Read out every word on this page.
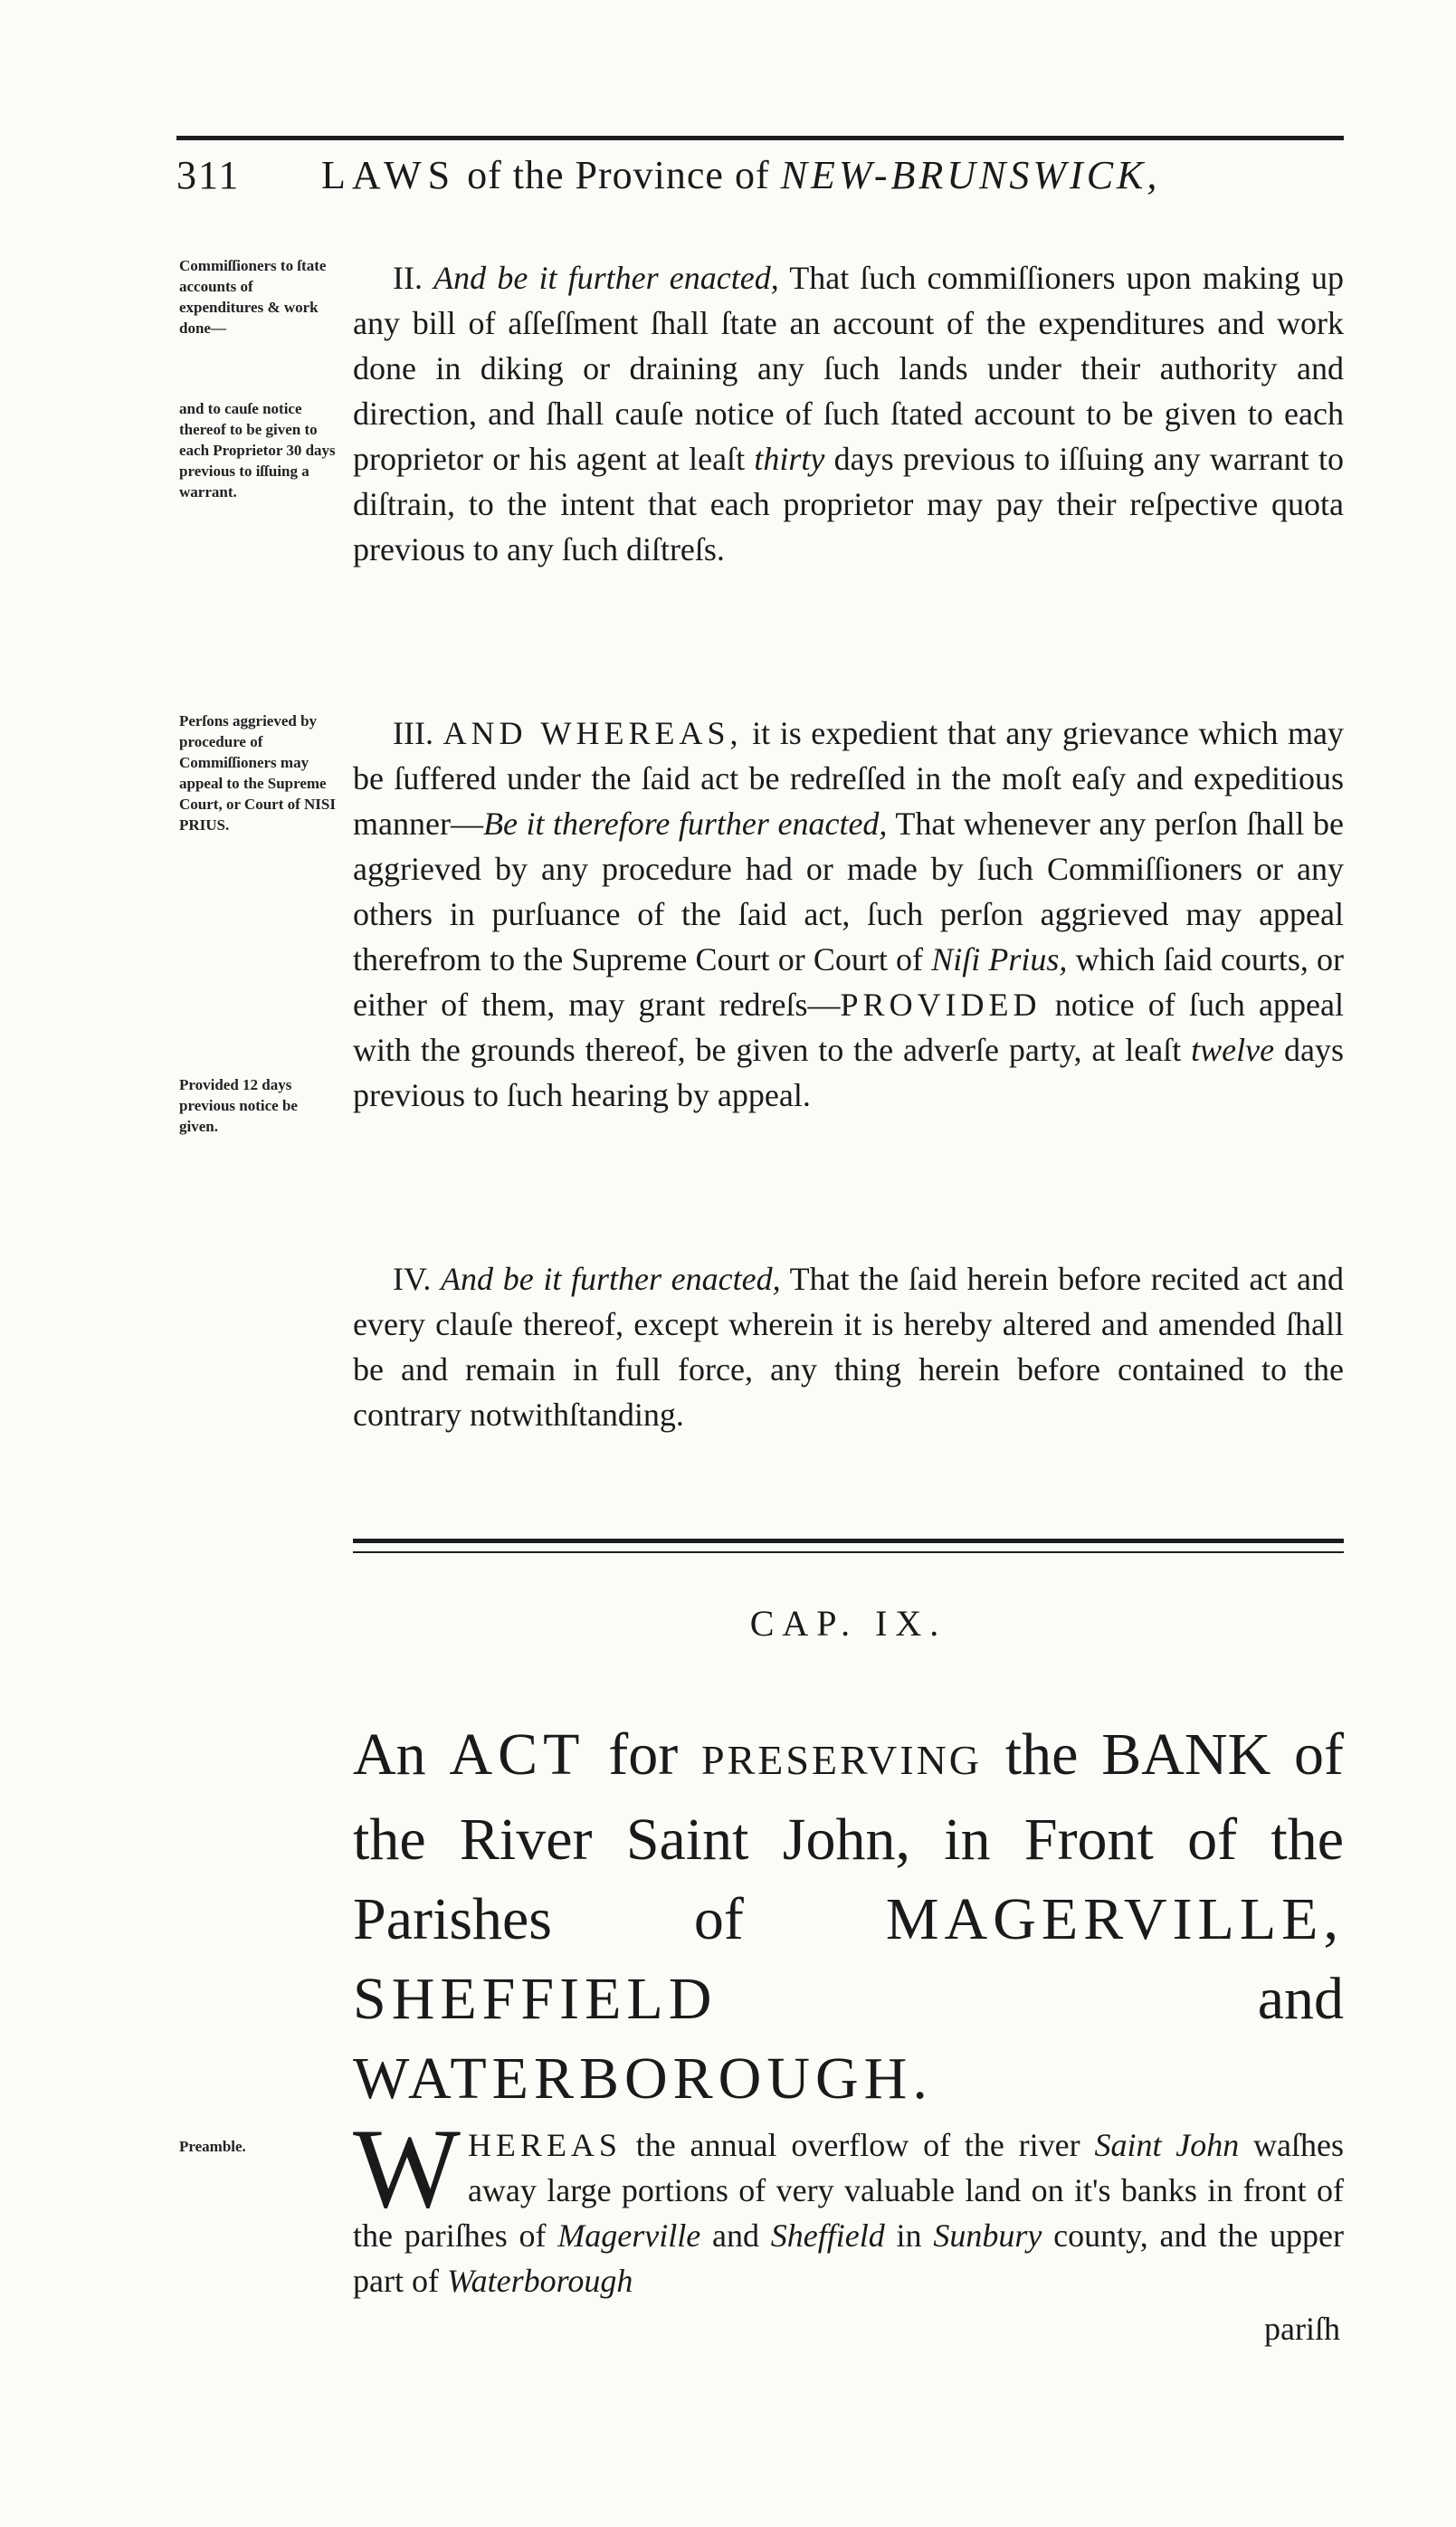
311 LAWS of the Province of NEW-BRUNSWICK,
Commiſſioners to ſtate accounts of expenditures & work done—
and to cauſe notice thereof to be given to each Proprietor 30 days previous to iſſuing a warrant.
Perſons aggrieved by procedure of Commiſſioners may appeal to the Supreme Court, or Court of NISI PRIUS.
Provided 12 days previous notice be given.
Preamble.

II. And be it further enacted, That ſuch commiſſioners upon making up any bill of aſſeſſment ſhall ſtate an account of the expenditures and work done in diking or draining any ſuch lands under their authority and direction, and ſhall cauſe notice of ſuch ſtated account to be given to each proprietor or his agent at leaſt thirty days previous to iſſuing any warrant to diſtrain, to the intent that each proprietor may pay their reſpective quota previous to any ſuch diſtreſs.

III. AND WHEREAS, it is expedient that any grievance which may be ſuffered under the ſaid act be redreſſed in the moſt eaſy and expeditious manner—Be it therefore further enacted, That whenever any perſon ſhall be aggrieved by any procedure had or made by ſuch Commiſſioners or any others in purſuance of the ſaid act, ſuch perſon aggrieved may appeal therefrom to the Supreme Court or Court of Niſi Prius, which ſaid courts, or either of them, may grant redreſs—PROVIDED notice of ſuch appeal with the grounds thereof, be given to the adverſe party, at leaſt twelve days previous to ſuch hearing by appeal.

IV. And be it further enacted, That the ſaid herein before recited act and every clauſe thereof, except wherein it is hereby altered and amended ſhall be and remain in full force, any thing herein before contained to the contrary notwithſtanding.

CAP. IX.
An ACT for PRESERVING the BANK of the River Saint John, in Front of the Parishes of MAGERVILLE, SHEFFIELD	and WATERBOROUGH.
WHEREAS the annual overflow of the river Saint John waſhes away large portions of very valuable land on it's banks in front of the pariſhes of Magerville and Sheffield in Sunbury county, and the upper part of Waterborough
pariſh
